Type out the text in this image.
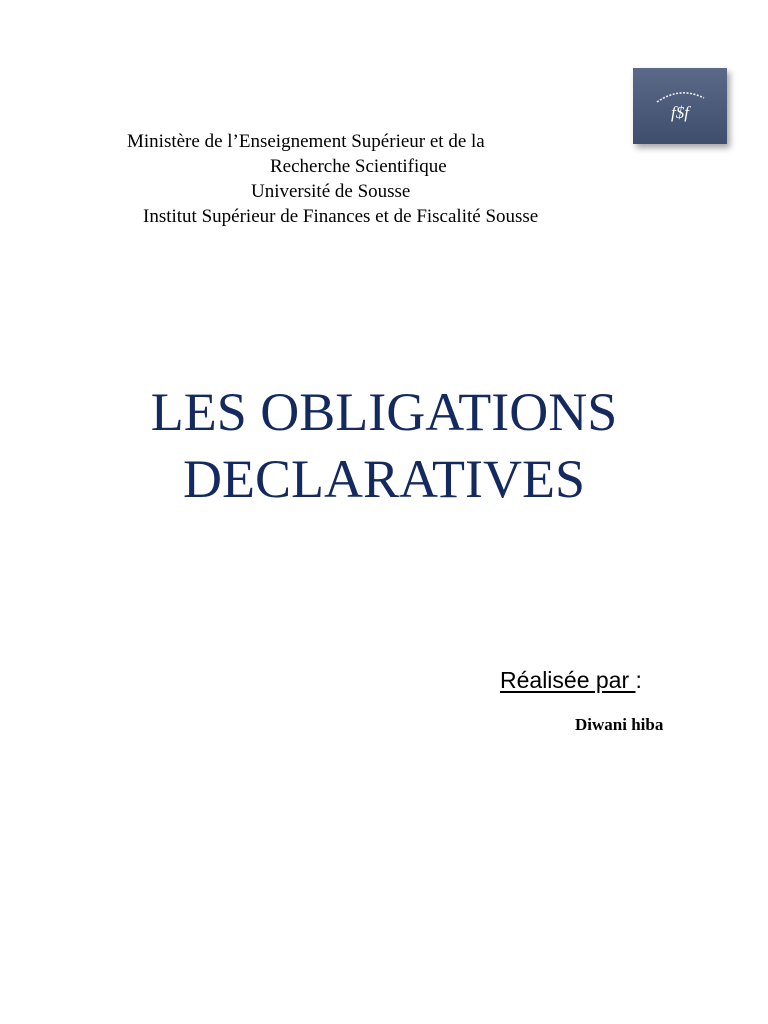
f$f
Ministère de l’Enseignement Supérieur et de la
Recherche Scientifique
Université de Sousse
Institut Supérieur de Finances et de Fiscalité Sousse
LES OBLIGATIONS
DECLARATIVES
Réalisée par :
Diwani hiba
